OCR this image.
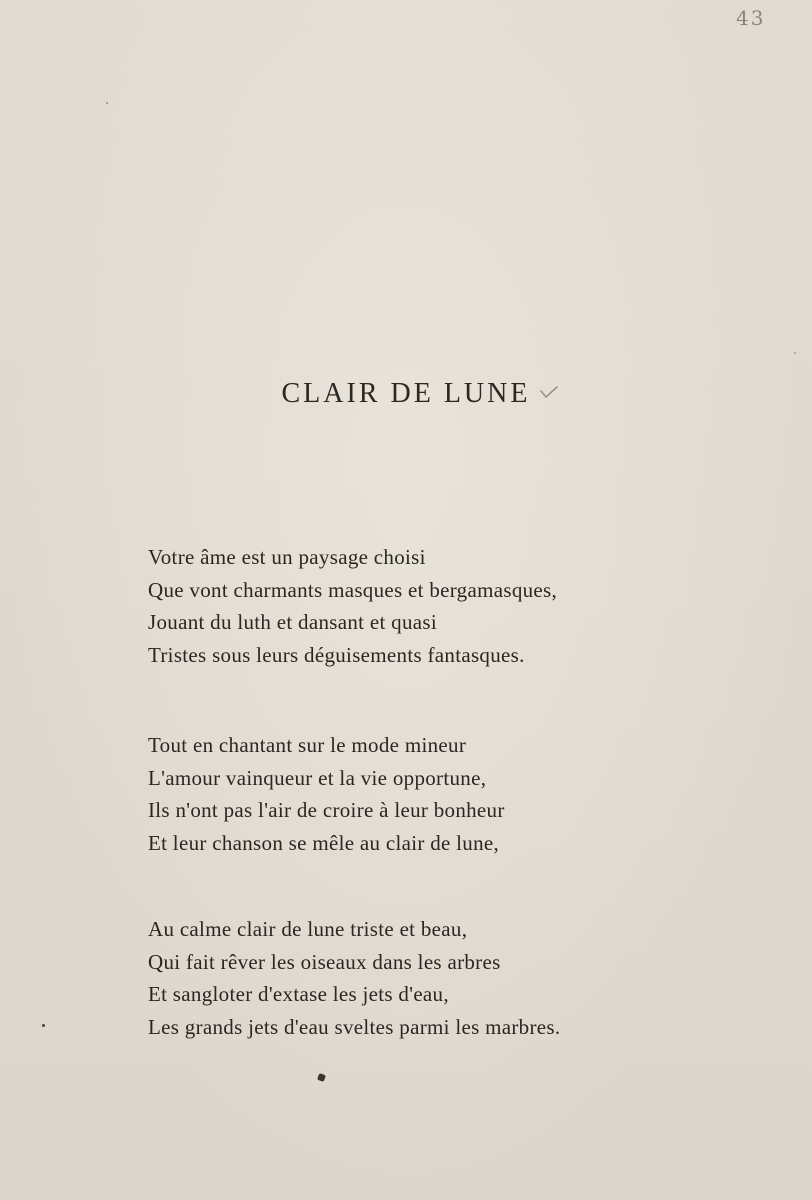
43
CLAIR DE LUNE
Votre âme est un paysage choisi
Que vont charmants masques et bergamasques,
Jouant du luth et dansant et quasi
Tristes sous leurs déguisements fantasques.
Tout en chantant sur le mode mineur
L'amour vainqueur et la vie opportune,
Ils n'ont pas l'air de croire à leur bonheur
Et leur chanson se mêle au clair de lune,
Au calme clair de lune triste et beau,
Qui fait rêver les oiseaux dans les arbres
Et sangloter d'extase les jets d'eau,
Les grands jets d'eau sveltes parmi les marbres.
